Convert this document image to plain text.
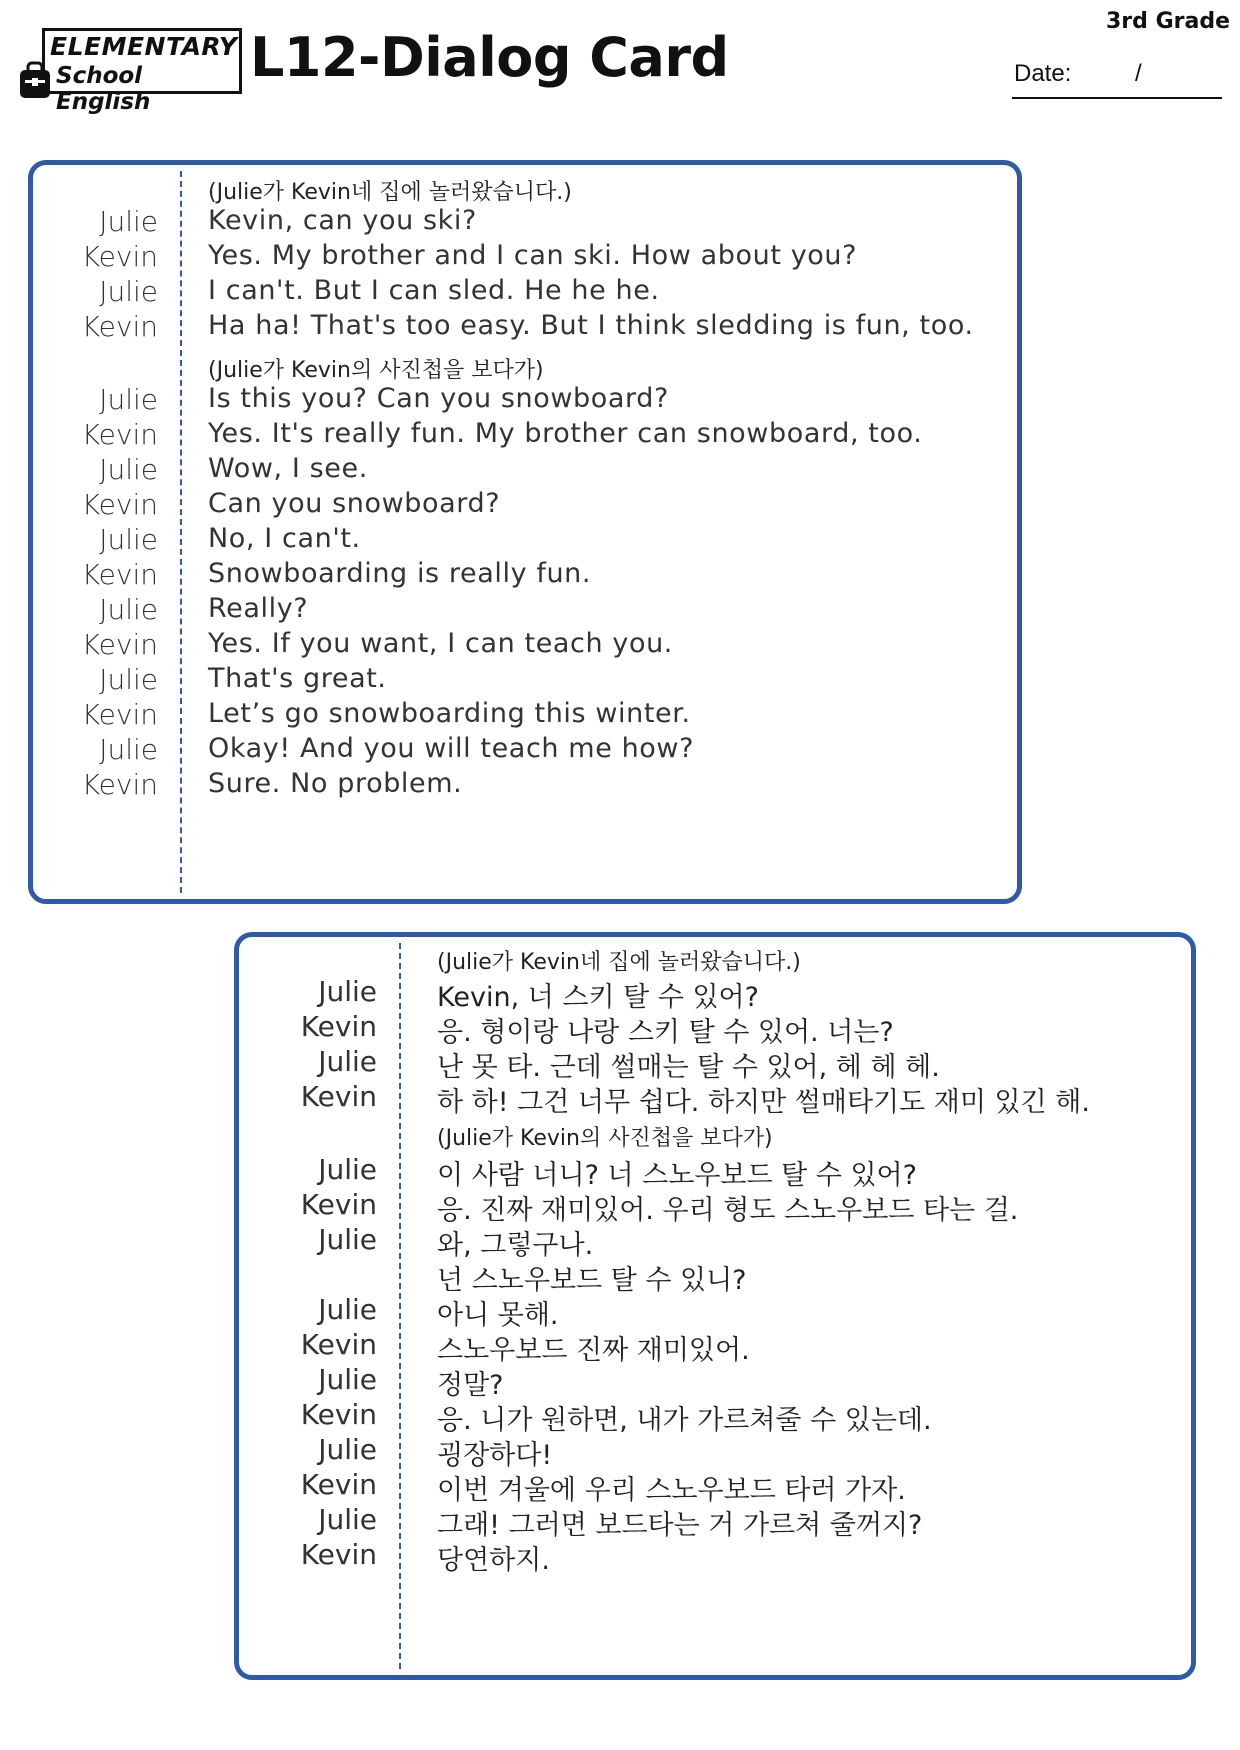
ELEMENTARY
School English
L12-Dialog Card
3rd Grade
Date:	/
(Julie가 Kevin네 집에 놀러왔습니다.)
Julie Kevin, can you ski?
Kevin Yes. My brother and I can ski. How about you?
Julie I can't. But I can sled. He he he.
Kevin Ha ha! That's too easy. But I think sledding is fun, too.
(Julie가 Kevin의 사진첩을 보다가)
Julie Is this you? Can you snowboard?
Kevin Yes. It's really fun. My brother can snowboard, too.
Julie Wow, I see.
Kevin Can you snowboard?
Julie No, I can't.
Kevin Snowboarding is really fun.
Julie Really?
Kevin Yes. If you want, I can teach you.
Julie That's great.
Kevin Let’s go snowboarding this winter.
Julie Okay! And you will teach me how?
Kevin Sure. No problem.
(Julie가 Kevin네 집에 놀러왔습니다.)
Julie Kevin, 너 스키 탈 수 있어?
Kevin 응. 형이랑 나랑 스키 탈 수 있어. 너는?
Julie 난 못 타. 근데 썰매는 탈 수 있어, 헤 헤 헤.
Kevin 하 하! 그건 너무 쉽다. 하지만 썰매타기도 재미 있긴 해.
(Julie가 Kevin의 사진첩을 보다가)
Julie 이 사람 너니? 너 스노우보드 탈 수 있어?
Kevin 응. 진짜 재미있어. 우리 형도 스노우보드 타는 걸.
Julie 와, 그렇구나.
넌 스노우보드 탈 수 있니?
Julie 아니 못해.
Kevin 스노우보드 진짜 재미있어.
Julie 정말?
Kevin 응. 니가 원하면, 내가 가르쳐줄 수 있는데.
Julie 굉장하다!
Kevin 이번 겨울에 우리 스노우보드 타러 가자.
Julie 그래! 그러면 보드타는 거 가르쳐 줄꺼지?
Kevin 당연하지.
